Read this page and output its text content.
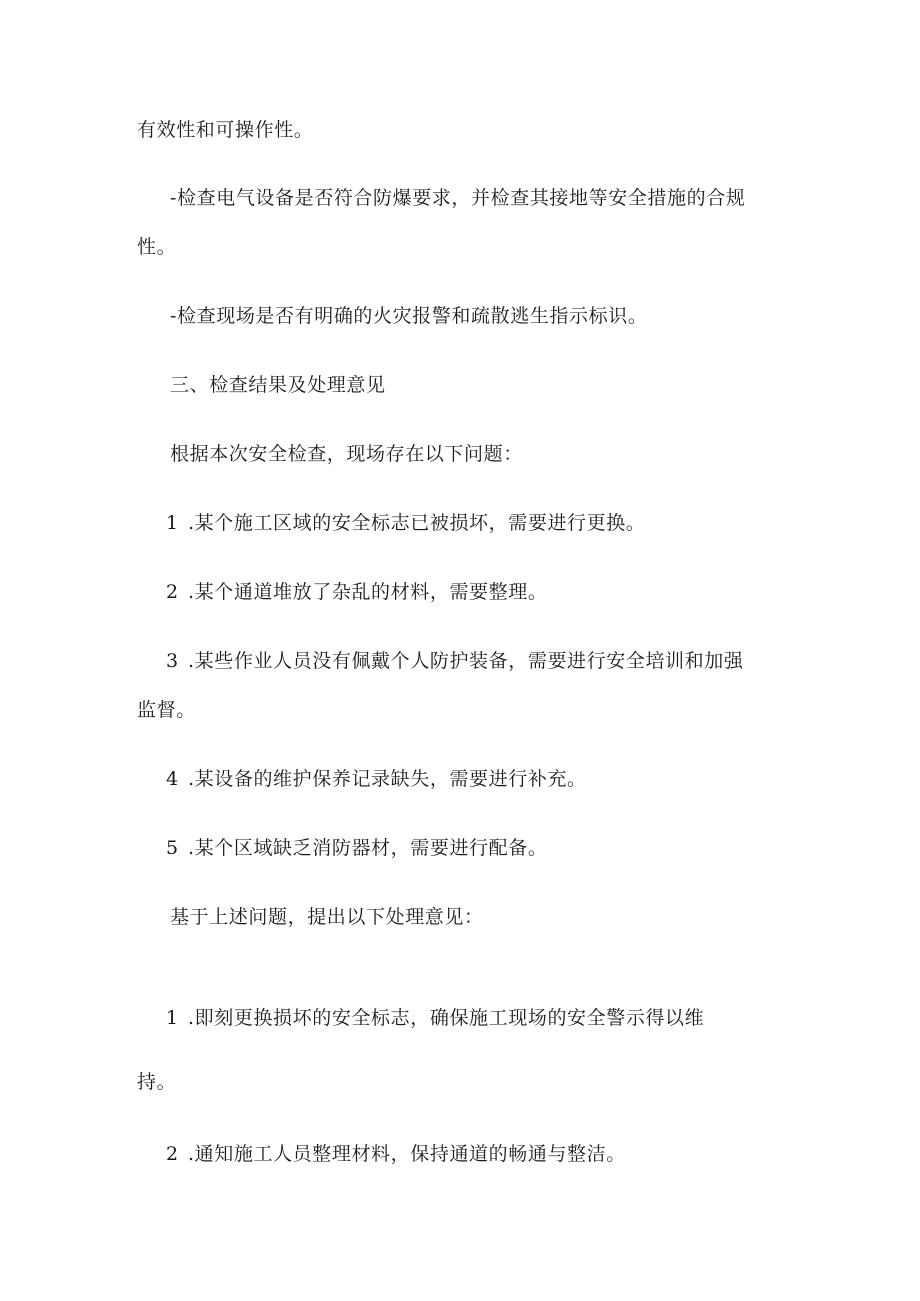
有效性和可操作性。

-检查电气设备是否符合防爆要求，并检查其接地等安全措施的合规

性。

-检查现场是否有明确的火灾报警和疏散逃生指示标识。

三、检查结果及处理意见

根据本次安全检查，现场存在以下问题：

1 .某个施工区域的安全标志已被损坏，需要进行更换。

2 .某个通道堆放了杂乱的材料，需要整理。

3 .某些作业人员没有佩戴个人防护装备，需要进行安全培训和加强

监督。

4 .某设备的维护保养记录缺失，需要进行补充。

5 .某个区域缺乏消防器材，需要进行配备。

基于上述问题，提出以下处理意见：

1 .即刻更换损坏的安全标志，确保施工现场的安全警示得以维

持。

2 .通知施工人员整理材料，保持通道的畅通与整洁。
